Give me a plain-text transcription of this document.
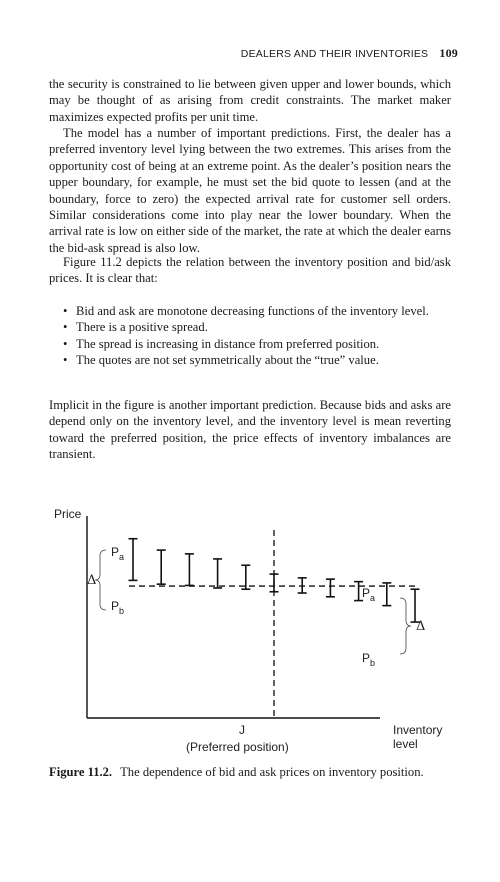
DEALERS AND THEIR INVENTORIES 109

the security is constrained to lie between given upper and lower bounds, which may be thought of as arising from credit constraints. The market maker maximizes expected profits per unit time.

The model has a number of important predictions. First, the dealer has a preferred inventory level lying between the two extremes. This arises from the opportunity cost of being at an extreme point. As the dealer’s position nears the upper boundary, for example, he must set the bid quote to lessen (and at the boundary, force to zero) the expected arrival rate for customer sell orders. Similar considerations come into play near the lower boundary. When the arrival rate is low on either side of the market, the rate at which the dealer earns the bid-ask spread is also low.

Figure 11.2 depicts the relation between the inventory position and bid/ask prices. It is clear that:

• Bid and ask are monotone decreasing functions of the inventory level.
• There is a positive spread.
• The spread is increasing in distance from preferred position.
• The quotes are not set symmetrically about the “true” value.

Implicit in the figure is another important prediction. Because bids and asks are depend only on the inventory level, and the inventory level is mean reverting toward the preferred position, the price effects of inventory imbalances are transient.

Price
Inventory
level
J
(Preferred position)
Δ
Δ
$P_a$
$P_b$
$P_a$
$P_b$
Figure 11.2. The dependence of bid and ask prices on inventory position.
